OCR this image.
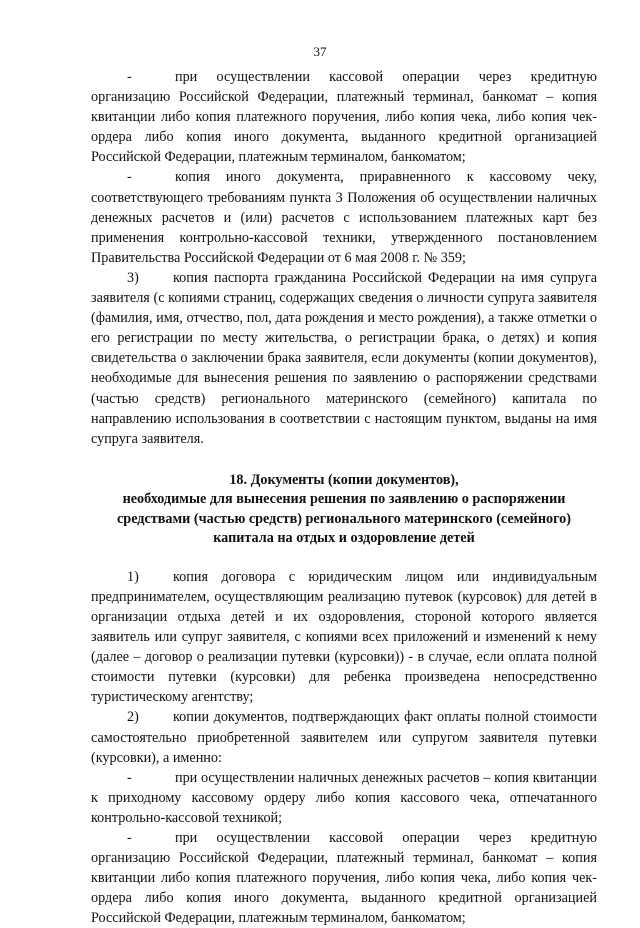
37

-	при осуществлении кассовой операции через кредитную организацию Российской Федерации, платежный терминал, банкомат – копия квитанции либо копия платежного поручения, либо копия чека, либо копия чек-ордера либо копия иного документа, выданного кредитной организацией Российской Федерации, платежным терминалом, банкоматом;

-	копия иного документа, приравненного к кассовому чеку, соответствующего требованиям пункта 3 Положения об осуществлении наличных денежных расчетов и (или) расчетов с использованием платежных карт без применения контрольно-кассовой техники, утвержденного постановлением Правительства Российской Федерации от 6 мая 2008 г. № 359;

3) копия паспорта гражданина Российской Федерации на имя супруга заявителя (с копиями страниц, содержащих сведения о личности супруга заявителя (фамилия, имя, отчество, пол, дата рождения и место рождения), а также отметки о его регистрации по месту жительства, о регистрации брака, о детях) и копия свидетельства о заключении брака заявителя, если документы (копии документов), необходимые для вынесения решения по заявлению о распоряжении средствами (частью средств) регионального материнского (семейного) капитала по направлению использования в соответствии с настоящим пунктом, выданы на имя супруга заявителя.

18. Документы (копии документов),
необходимые для вынесения решения по заявлению о распоряжении
средствами (частью средств) регионального материнского (семейного)
капитала на отдых и оздоровление детей

1) копия договора с юридическим лицом или индивидуальным предпринимателем, осуществляющим реализацию путевок (курсовок) для детей в организации отдыха детей и их оздоровления, стороной которого является заявитель или супруг заявителя, с копиями всех приложений и изменений к нему (далее – договор о реализации путевки (курсовки)) - в случае, если оплата полной стоимости путевки (курсовки) для ребенка произведена непосредственно туристическому агентству;

2) копии документов, подтверждающих факт оплаты полной стоимости самостоятельно приобретенной заявителем или супругом заявителя путевки (курсовки), а именно:

-	при осуществлении наличных денежных расчетов – копия квитанции к приходному кассовому ордеру либо копия кассового чека, отпечатанного контрольно-кассовой техникой;

-	при осуществлении кассовой операции через кредитную организацию Российской Федерации, платежный терминал, банкомат – копия квитанции либо копия платежного поручения, либо копия чека, либо копия чек-ордера либо копия иного документа, выданного кредитной организацией Российской Федерации, платежным терминалом, банкоматом;
